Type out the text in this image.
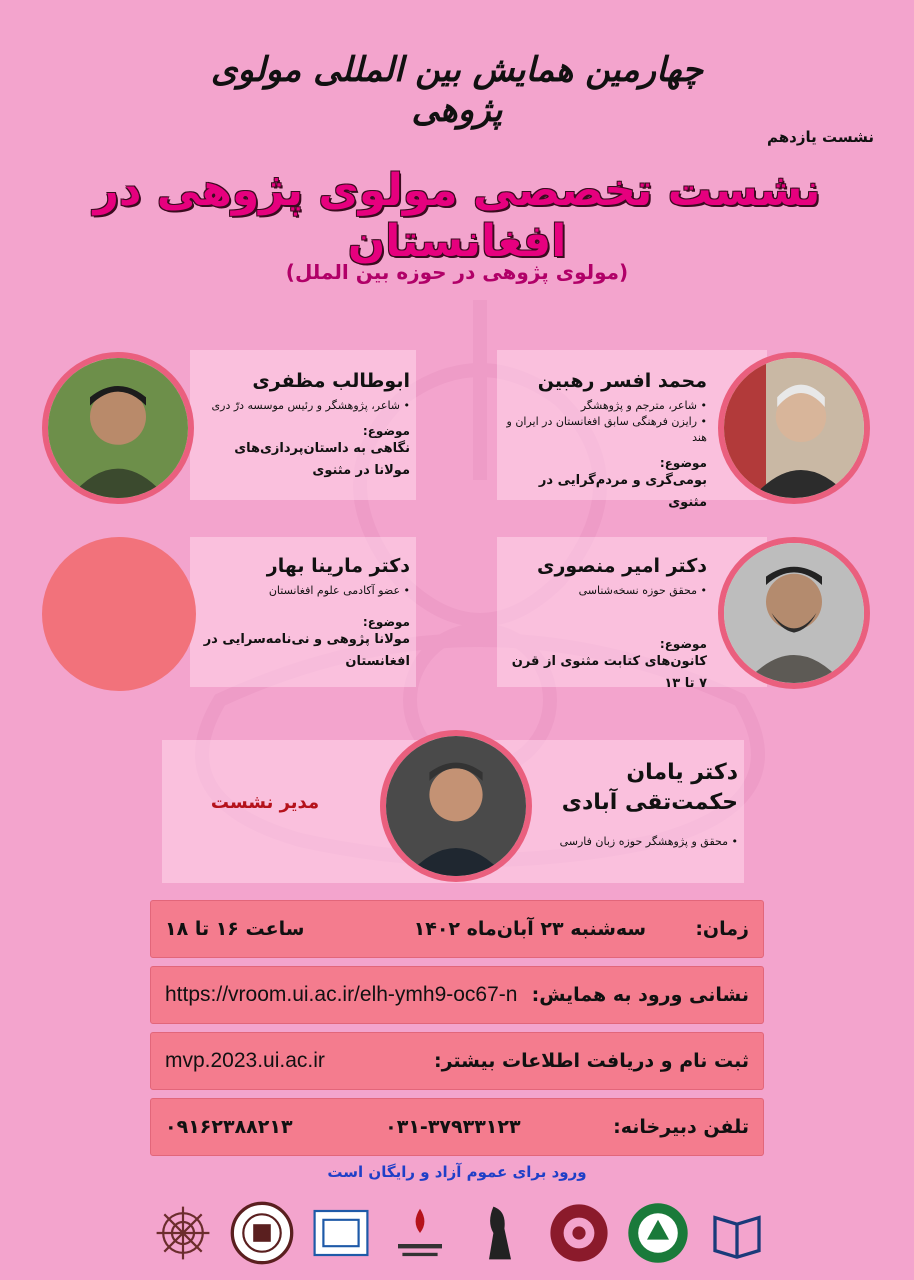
چهارمین همایش بین المللی مولوی پژوهی
نشست یازدهم
نشست تخصصی مولوی پژوهی در افغانستان
(مولوی پژوهی در حوزه بین الملل)
محمد افسر رهبین
• شاعر، مترجم و پژوهشگر
• رایزن فرهنگی سابق افغانستان در ایران و هند
موضوع:
بومی‌گری و مردم‌گرایی در مثنوی
ابوطالب مظفری
• شاعر، پژوهشگر و رئیس موسسه درّ دری
موضوع:
نگاهی به داستان‌پردازی‌های مولانا در مثنوی
دکتر امیر منصوری
• محقق حوزه نسخه‌شناسی
موضوع:
کانون‌های کتابت مثنوی از قرن ۷ تا ۱۳
دکتر مارینا بهار
• عضو آکادمی علوم افغانستان
موضوع:
مولانا پژوهی و نی‌نامه‌سرایی در افغانستان
دکتر یامان
حکمت‌تقی آبادی
• محقق و پژوهشگر حوزه زبان فارسی
مدیر نشست
ساعت ۱۶ تا ۱۸	سه‌شنبه ۲۳ آبان‌ماه ۱۴۰۲	زمان:
https://vroom.ui.ac.ir/elh-ymh9-oc67-n نشانی ورود به همایش:
mvp.2023.ui.ac.ir	ثبت نام و دریافت اطلاعات بیشتر:
۰۹۱۶۲۳۸۸۲۱۳	۰۳۱-۳۷۹۳۳۱۲۳	تلفن دبیرخانه:
ورود برای عموم آزاد و رایگان است
